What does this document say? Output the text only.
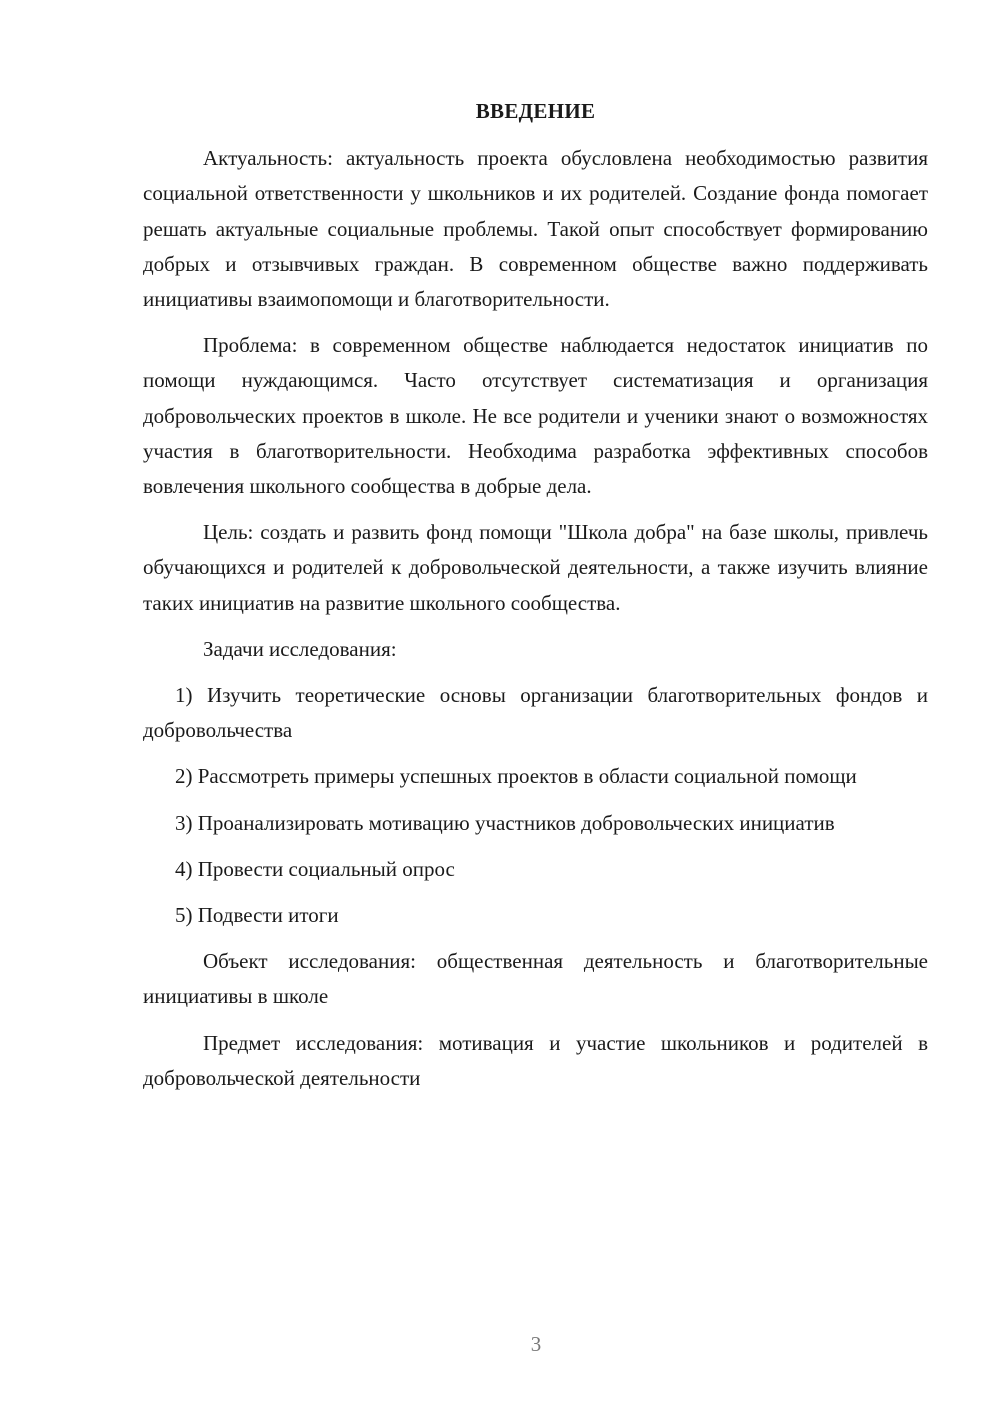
ВВЕДЕНИЕ

Актуальность: актуальность проекта обусловлена необходимостью развития социальной ответственности у школьников и их родителей. Создание фонда помогает решать актуальные социальные проблемы. Такой опыт способствует формированию добрых и отзывчивых граждан. В современном обществе важно поддерживать инициативы взаимопомощи и благотворительности.

Проблема: в современном обществе наблюдается недостаток инициатив по помощи нуждающимся. Часто отсутствует систематизация и организация добровольческих проектов в школе. Не все родители и ученики знают о возможностях участия в благотворительности. Необходима разработка эффективных способов вовлечения школьного сообщества в добрые дела.

Цель: создать и развить фонд помощи "Школа добра" на базе школы, привлечь обучающихся и родителей к добровольческой деятельности, а также изучить влияние таких инициатив на развитие школьного сообщества.

Задачи исследования:

1) Изучить теоретические основы организации благотворительных фондов и добровольчества

2) Рассмотреть примеры успешных проектов в области социальной помощи

3) Проанализировать мотивацию участников добровольческих инициатив

4) Провести социальный опрос

5) Подвести итоги

Объект исследования: общественная деятельность и благотворительные инициативы в школе

Предмет исследования: мотивация и участие школьников и родителей в добровольческой деятельности

3
